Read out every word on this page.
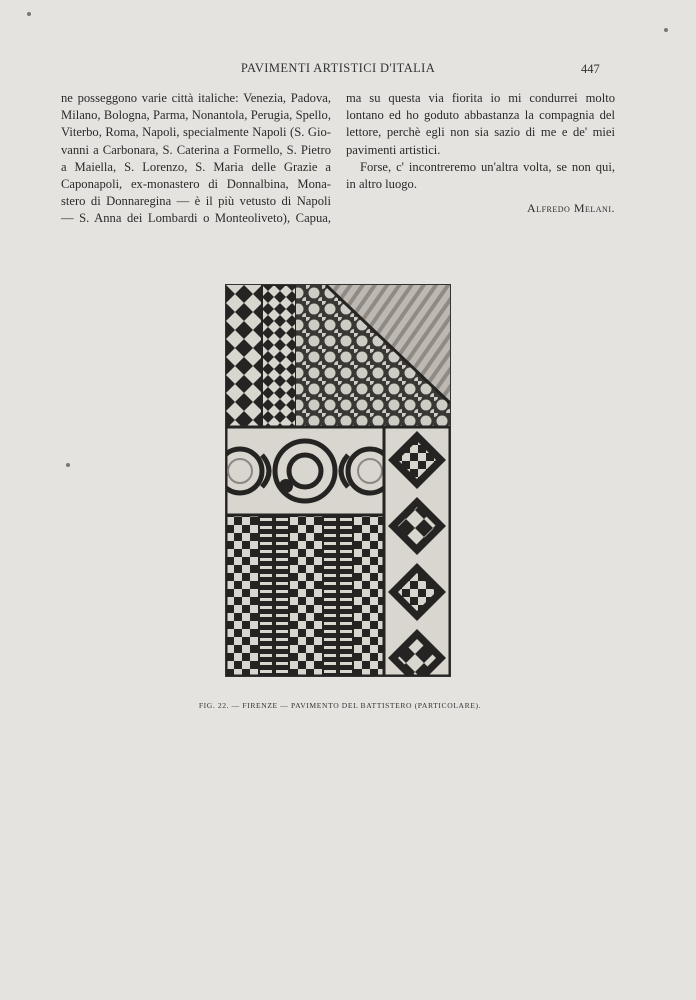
PAVIMENTI ARTISTICI D'ITALIA	447
ne posseggono varie città italiche: Venezia, Padova,
Milano, Bologna, Parma, Nonantola, Perugia, Spello,
Viterbo, Roma, Napoli, specialmente Napoli (S. Gio-
vanni a Carbonara, S. Caterina a Formello, S. Pietro
a Maiella, S. Lorenzo, S. Maria delle Grazie a
Caponapoli, ex-monastero di Donnalbina, Mona-
stero di Donnaregina — è il più vetusto di Napoli
— S. Anna dei Lombardi o Monteoliveto), Capua,

ma su questa via fiorita io mi condurrei molto lontano ed ho goduto abbastanza la compagnia del lettore, perchè egli non sia sazio di me e de' miei pavimenti artistici.

Forse, c' incontreremo un'altra volta, se non qui, in altro luogo.

Alfredo Melani.
FIG. 22. — FIRENZE — PAVIMENTO DEL BATTISTERO (PARTICOLARE).
